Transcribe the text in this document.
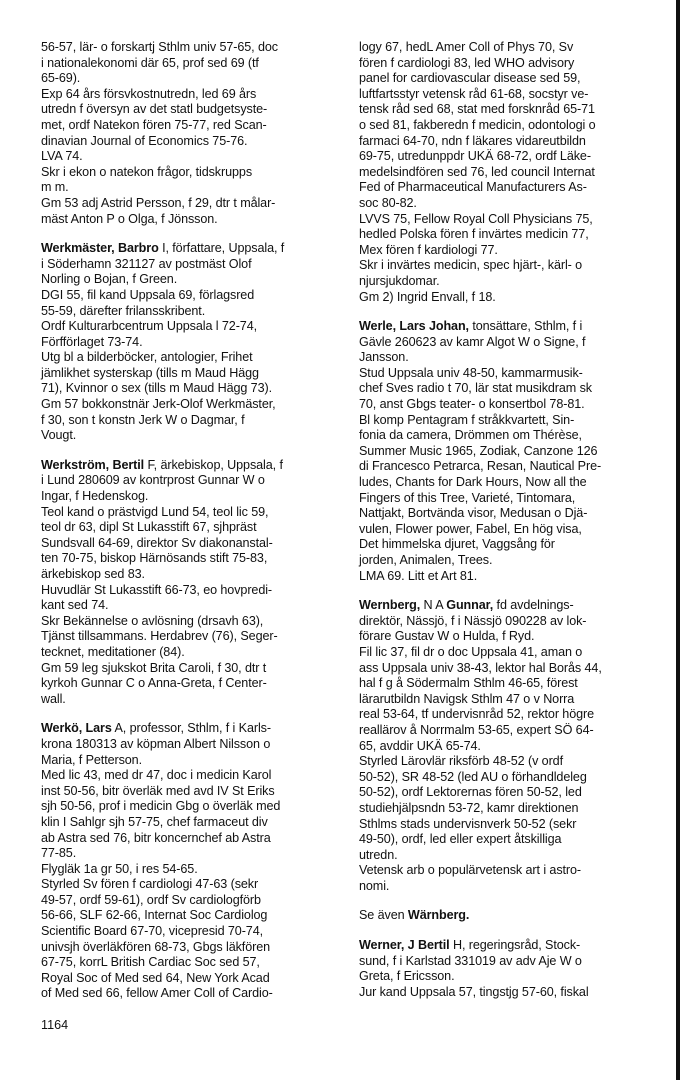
56-57, lär- o forskartj Sthlm univ 57-65, doc
i nationalekonomi där 65, prof sed 69 (tf
65-69).
Exp 64 års försvkostnutredn, led 69 års
utredn f översyn av det statl budgetsyste-
met, ordf Natekon fören 75-77, red Scan-
dinavian Journal of Economics 75-76.
LVA 74.
Skr i ekon o natekon frågor, tidskrupps
m m.
Gm 53 adj Astrid Persson, f 29, dtr t målar-
mäst Anton P o Olga, f Jönsson.
Werkmäster, Barbro I, författare, Uppsala, f
i Söderhamn 321127 av postmäst Olof
Norling o Bojan, f Green.
DGI 55, fil kand Uppsala 69, förlagsred
55-59, därefter frilansskribent.
Ordf Kulturarbcentrum Uppsala l 72-74,
Förfförlaget 73-74.
Utg bl a bilderböcker, antologier, Frihet
jämlikhet systerskap (tills m Maud Hägg
71), Kvinnor o sex (tills m Maud Hägg 73).
Gm 57 bokkonstnär Jerk-Olof Werkmäster,
f 30, son t konstn Jerk W o Dagmar, f
Vougt.
Werkström, Bertil F, ärkebiskop, Uppsala, f
i Lund 280609 av kontrprost Gunnar W o
Ingar, f Hedenskog.
Teol kand o prästvigd Lund 54, teol lic 59,
teol dr 63, dipl St Lukasstift 67, sjhpräst
Sundsvall 64-69, direktor Sv diakonanstal-
ten 70-75, biskop Härnösands stift 75-83,
ärkebiskop sed 83.
Huvudlär St Lukasstift 66-73, eo hovpredi-
kant sed 74.
Skr Bekännelse o avlösning (drsavh 63),
Tjänst tillsammans. Herdabrev (76), Seger-
tecknet, meditationer (84).
Gm 59 leg sjukskot Brita Caroli, f 30, dtr t
kyrkoh Gunnar C o Anna-Greta, f Center-
wall.
Werkö, Lars A, professor, Sthlm, f i Karls-
krona 180313 av köpman Albert Nilsson o
Maria, f Petterson.
Med lic 43, med dr 47, doc i medicin Karol
inst 50-56, bitr överläk med avd IV St Eriks
sjh 50-56, prof i medicin Gbg o överläk med
klin I Sahlgr sjh 57-75, chef farmaceut div
ab Astra sed 76, bitr koncernchef ab Astra
77-85.
Flygläk 1a gr 50, i res 54-65.
Styrled Sv fören f cardiologi 47-63 (sekr
49-57, ordf 59-61), ordf Sv cardiologförb
56-66, SLF 62-66, Internat Soc Cardiolog
Scientific Board 67-70, vicepresid 70-74,
univsjh överläkfören 68-73, Gbgs läkfören
67-75, korrL British Cardiac Soc sed 57,
Royal Soc of Med sed 64, New York Acad
of Med sed 66, fellow Amer Coll of Cardio-
logy 67, hedL Amer Coll of Phys 70, Sv
fören f cardiologi 83, led WHO advisory
panel for cardiovascular disease sed 59,
luftfartsstyr vetensk råd 61-68, socstyr ve-
tensk råd sed 68, stat med forsknråd 65-71
o sed 81, fakberedn f medicin, odontologi o
farmaci 64-70, ndn f läkares vidareutbildn
69-75, utredunppdr UKÄ 68-72, ordf Läke-
medelsindfören sed 76, led council Internat
Fed of Pharmaceutical Manufacturers As-
soc 80-82.
LVVS 75, Fellow Royal Coll Physicians 75,
hedled Polska fören f invärtes medicin 77,
Mex fören f kardiologi 77.
Skr i invärtes medicin, spec hjärt-, kärl- o
njursjukdomar.
Gm 2) Ingrid Envall, f 18.
Werle, Lars Johan, tonsättare, Sthlm, f i
Gävle 260623 av kamr Algot W o Signe, f
Jansson.
Stud Uppsala univ 48-50, kammarmusik-
chef Sves radio t 70, lär stat musikdram sk
70, anst Gbgs teater- o konsertbol 78-81.
Bl komp Pentagram f stråkkvartett, Sin-
fonia da camera, Drömmen om Thérèse,
Summer Music 1965, Zodiak, Canzone 126
di Francesco Petrarca, Resan, Nautical Pre-
ludes, Chants for Dark Hours, Now all the
Fingers of this Tree, Varieté, Tintomara,
Nattjakt, Bortvända visor, Medusan o Djä-
vulen, Flower power, Fabel, En hög visa,
Det himmelska djuret, Vaggsång för
jorden, Animalen, Trees.
LMA 69. Litt et Art 81.
Wernberg, N A Gunnar, fd avdelnings-
direktör, Nässjö, f i Nässjö 090228 av lok-
förare Gustav W o Hulda, f Ryd.
Fil lic 37, fil dr o doc Uppsala 41, aman o
ass Uppsala univ 38-43, lektor hal Borås 44,
hal f g å Södermalm Sthlm 46-65, förest
lärarutbildn Navigsk Sthlm 47 o v Norra
real 53-64, tf undervisnråd 52, rektor högre
reallärov å Norrmalm 53-65, expert SÖ 64-
65, avddir UKÄ 65-74.
Styrled Lärovlär riksförb 48-52 (v ordf
50-52), SR 48-52 (led AU o förhandldeleg
50-52), ordf Lektorernas fören 50-52, led
studiehjälpsndn 53-72, kamr direktionen
Sthlms stads undervisnverk 50-52 (sekr
49-50), ordf, led eller expert åtskilliga
utredn.
Vetensk arb o populärvetensk art i astro-
nomi.
Se även Wärnberg.
Werner, J Bertil H, regeringsråd, Stock-
sund, f i Karlstad 331019 av adv Aje W o
Greta, f Ericsson.
Jur kand Uppsala 57, tingstjg 57-60, fiskal
1164
